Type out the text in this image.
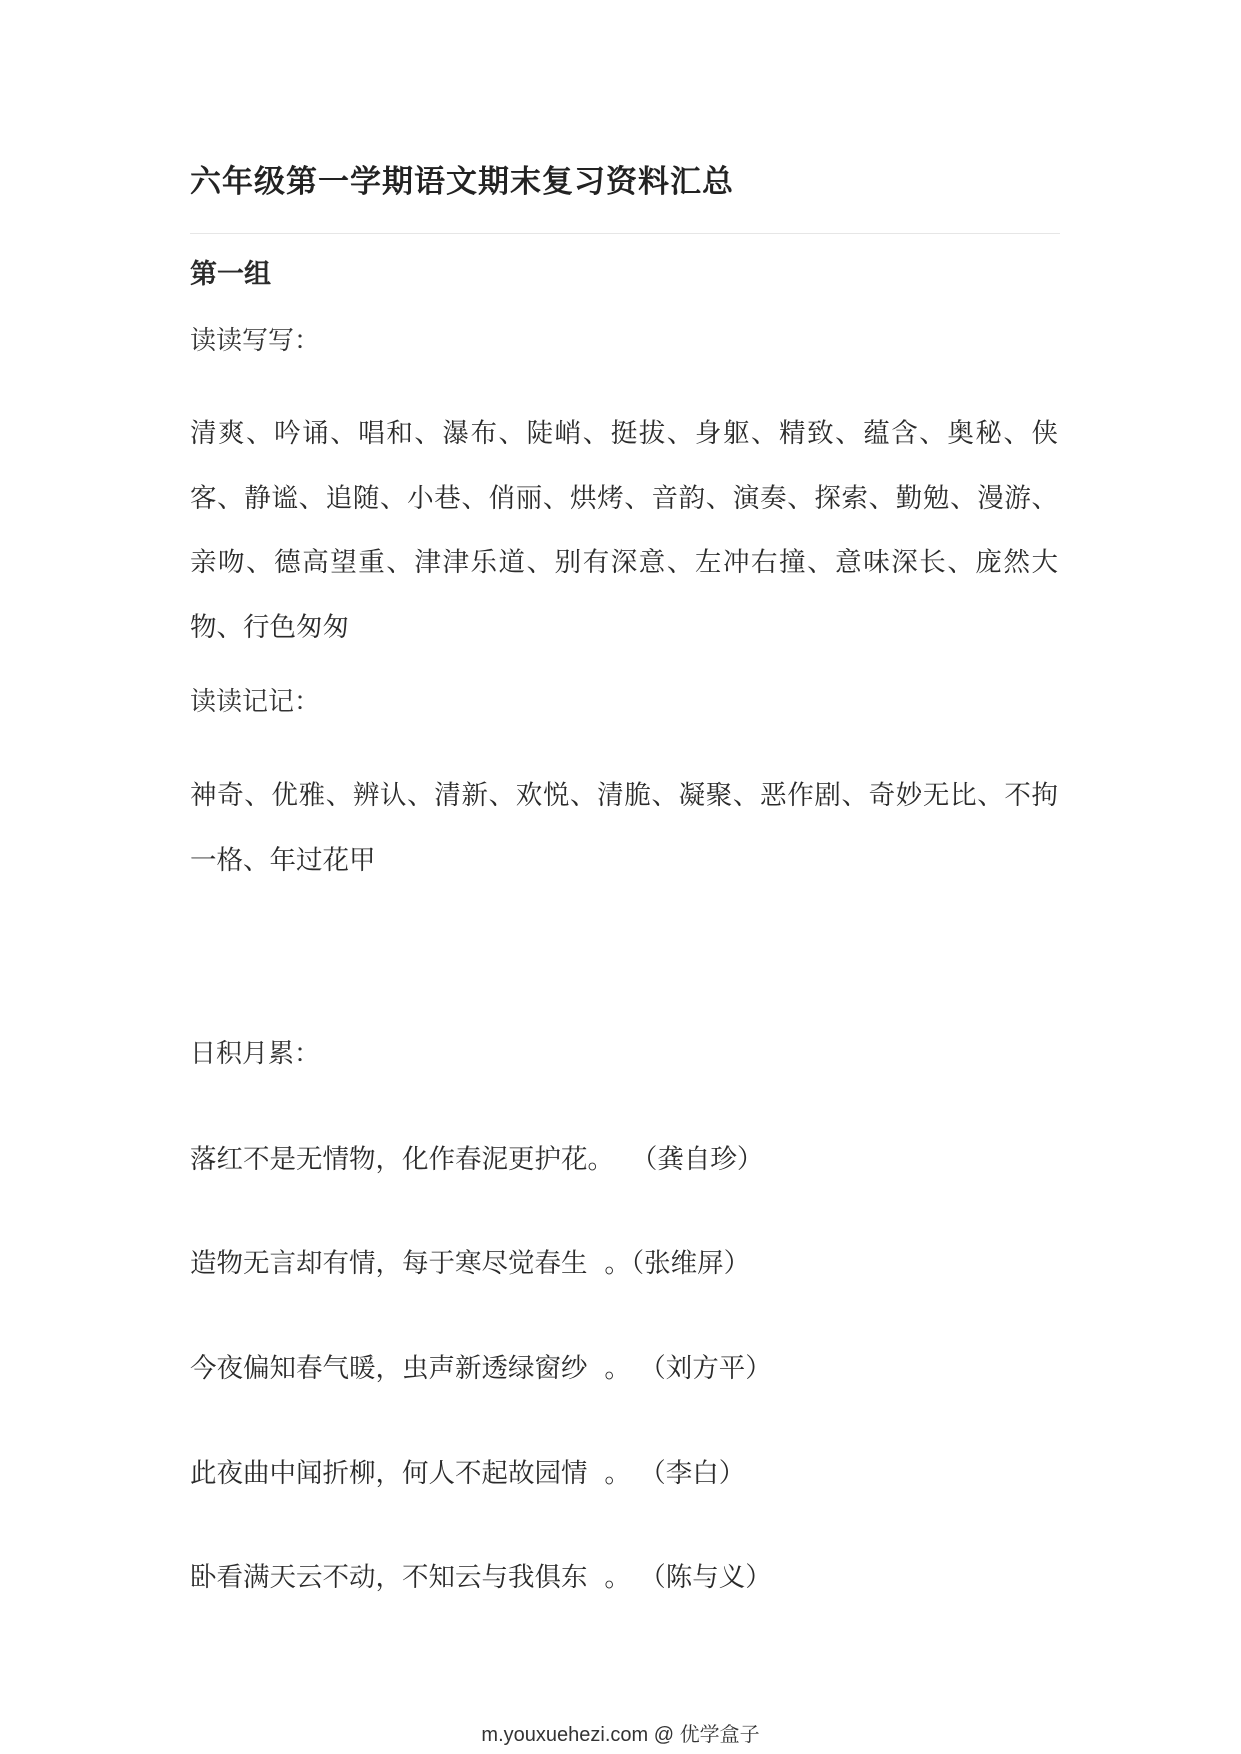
六年级第一学期语文期末复习资料汇总
第一组

读读写写：

清爽、吟诵、唱和、瀑布、陡峭、挺拔、身躯、精致、蕴含、奥秘、侠客、静谧、追随、小巷、俏丽、烘烤、音韵、演奏、探索、勤勉、漫游、亲吻、德高望重、津津乐道、别有深意、左冲右撞、意味深长、庞然大物、行色匆匆

读读记记：

神奇、优雅、辨认、清新、欢悦、清脆、凝聚、恶作剧、奇妙无比、不拘一格、年过花甲

日积月累：

落红不是无情物，化作春泥更护花。  （龚自珍）

造物无言却有情，每于寒尽觉春生  。（张维屏）

今夜偏知春气暖，虫声新透绿窗纱  。 （刘方平）

此夜曲中闻折柳，何人不起故园情  。 （李白）

卧看满天云不动，不知云与我俱东  。 （陈与义）

m.youxuehezi.com @ 优学盒子
